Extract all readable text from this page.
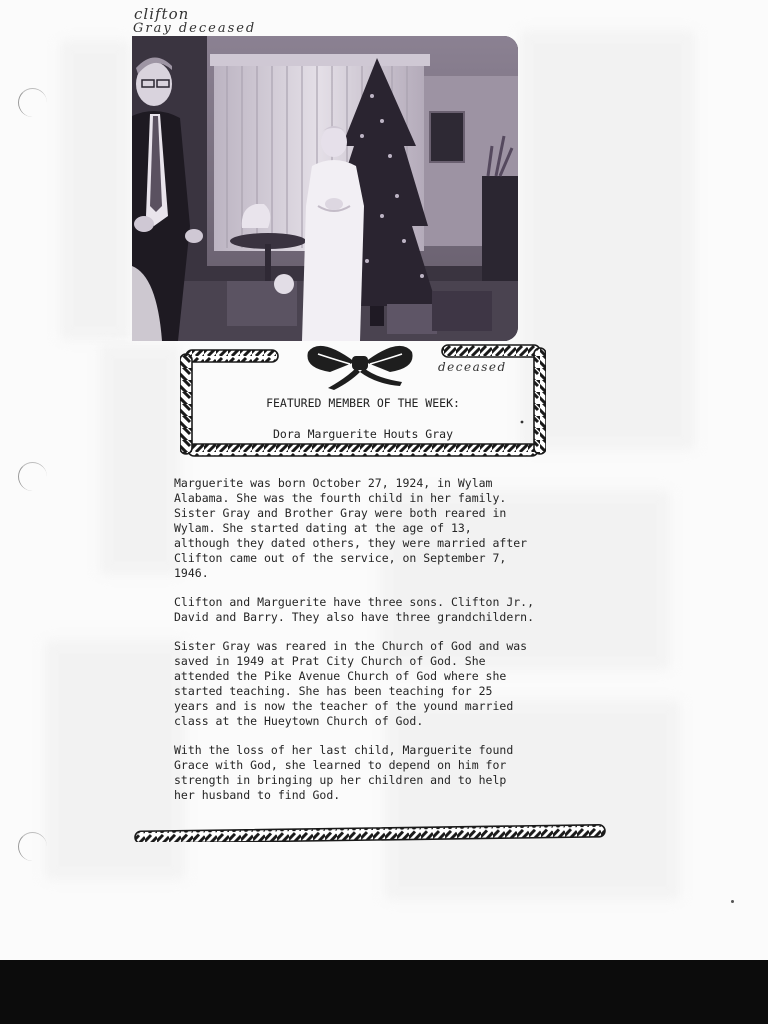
clifton
Gray deceased
deceased
FEATURED MEMBER OF THE WEEK:
Dora Marguerite Houts Gray

Marguerite was born October 27, 1924, in Wylam
Alabama. She was the fourth child in her family.
Sister Gray and Brother Gray were both reared in
Wylam. She started dating at the age of 13,
although they dated others, they were married after
Clifton came out of the service, on September 7,
1946.

Clifton and Marguerite have three sons. Clifton Jr.,
David and Barry. They also have three grandchildern.

Sister Gray was reared in the Church of God and was
saved in 1949 at Prat City Church of God. She
attended the Pike Avenue Church of God where she
started teaching. She has been teaching for 25
years and is now the teacher of the yound married
class at the Hueytown Church of God.

With the loss of her last child, Marguerite found
Grace with God, she learned to depend on him for
strength in bringing up her children and to help
her husband to find God.
